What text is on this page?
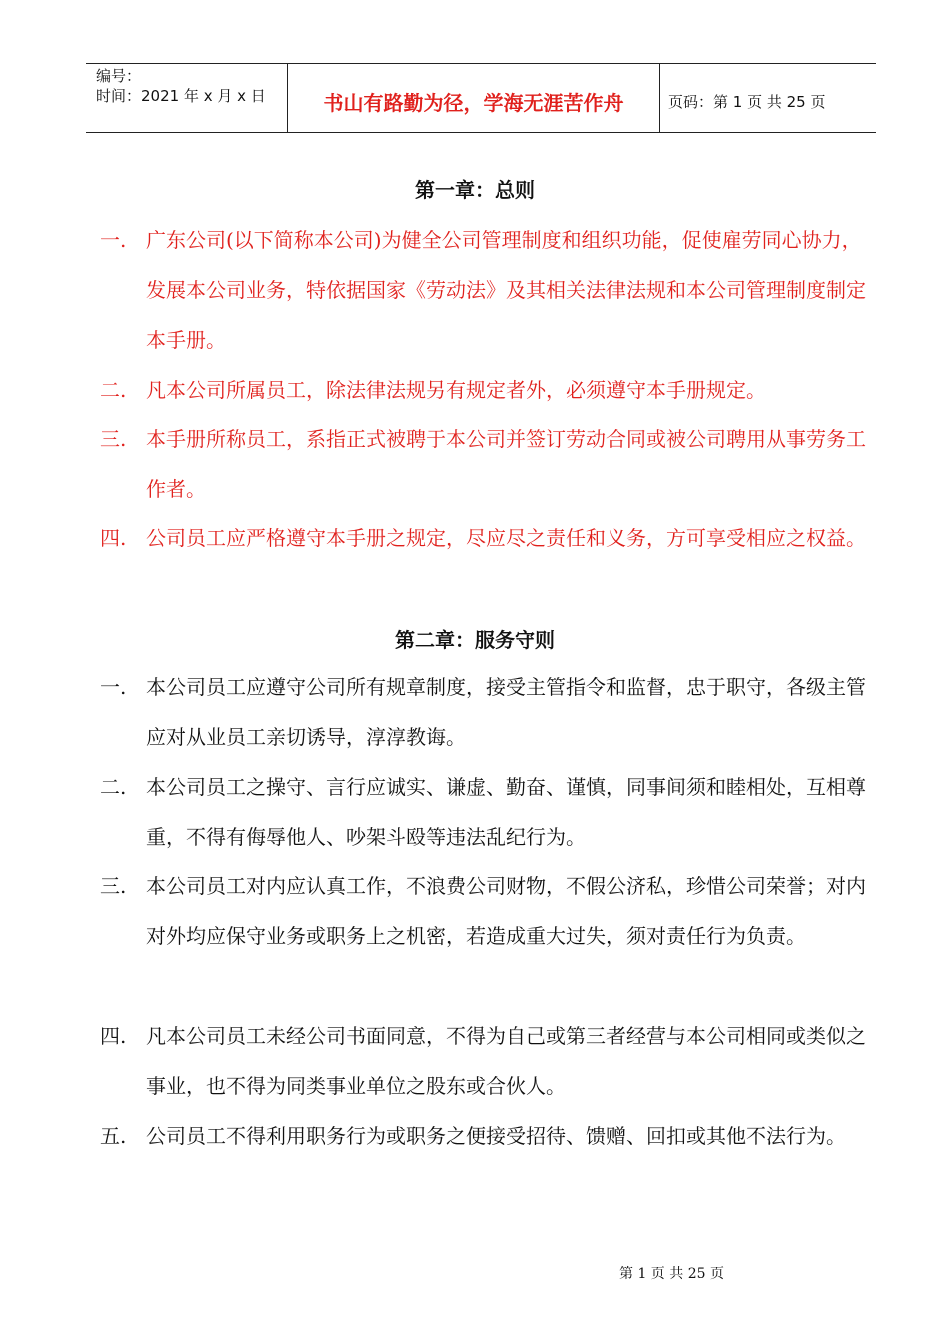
编号：
时间：2021 年 x 月 x 日	书山有路勤为径，学海无涯苦作舟	页码：第 1 页 共 25 页
第一章：总则
一. 广东公司(以下简称本公司)为健全公司管理制度和组织功能，促使雇劳同心协力，发展本公司业务，特依据国家《劳动法》及其相关法律法规和本公司管理制度制定本手册。
二. 凡本公司所属员工，除法律法规另有规定者外，必须遵守本手册规定。
三. 本手册所称员工，系指正式被聘于本公司并签订劳动合同或被公司聘用从事劳务工作者。
四. 公司员工应严格遵守本手册之规定，尽应尽之责任和义务，方可享受相应之权益。
第二章：服务守则
一. 本公司员工应遵守公司所有规章制度，接受主管指令和监督，忠于职守，各级主管应对从业员工亲切诱导，淳淳教诲。
二. 本公司员工之操守、言行应诚实、谦虚、勤奋、谨慎，同事间须和睦相处，互相尊重，不得有侮辱他人、吵架斗殴等违法乱纪行为。
三. 本公司员工对内应认真工作，不浪费公司财物，不假公济私，珍惜公司荣誉；对内对外均应保守业务或职务上之机密，若造成重大过失，须对责任行为负责。
四. 凡本公司员工未经公司书面同意，不得为自己或第三者经营与本公司相同或类似之事业，也不得为同类事业单位之股东或合伙人。
五. 公司员工不得利用职务行为或职务之便接受招待、馈赠、回扣或其他不法行为。
第 1 页 共 25 页
